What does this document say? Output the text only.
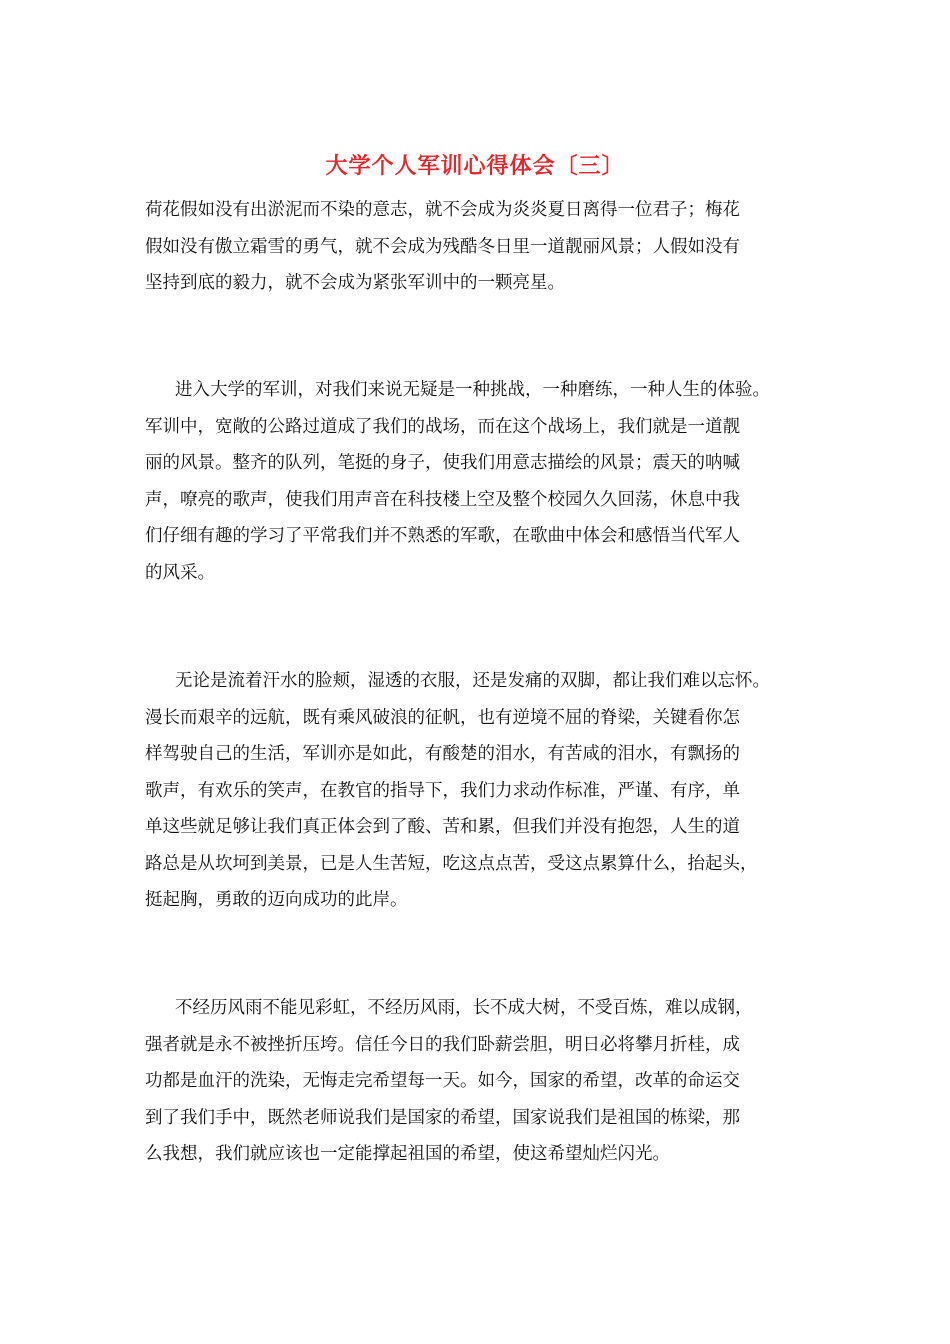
大学个人军训心得体会〔三〕
荷花假如没有出淤泥而不染的意志，就不会成为炎炎夏日离得一位君子；梅花
假如没有傲立霜雪的勇气，就不会成为残酷冬日里一道靓丽风景；人假如没有
坚持到底的毅力，就不会成为紧张军训中的一颗亮星。
进入大学的军训，对我们来说无疑是一种挑战，一种磨练，一种人生的体验。
军训中，宽敞的公路过道成了我们的战场，而在这个战场上，我们就是一道靓
丽的风景。整齐的队列，笔挺的身子，使我们用意志描绘的风景；震天的呐喊
声，嘹亮的歌声，使我们用声音在科技楼上空及整个校园久久回荡，休息中我
们仔细有趣的学习了平常我们并不熟悉的军歌，在歌曲中体会和感悟当代军人
的风采。
无论是流着汗水的脸颊，湿透的衣服，还是发痛的双脚，都让我们难以忘怀。
漫长而艰辛的远航，既有乘风破浪的征帆，也有逆境不屈的脊梁，关键看你怎
样驾驶自己的生活，军训亦是如此，有酸楚的泪水，有苦咸的泪水，有飘扬的
歌声，有欢乐的笑声，在教官的指导下，我们力求动作标准，严谨、有序，单
单这些就足够让我们真正体会到了酸、苦和累，但我们并没有抱怨，人生的道
路总是从坎坷到美景，已是人生苦短，吃这点点苦，受这点累算什么，抬起头，
挺起胸，勇敢的迈向成功的此岸。
不经历风雨不能见彩虹，不经历风雨，长不成大树，不受百炼，难以成钢，
强者就是永不被挫折压垮。信任今日的我们卧薪尝胆，明日必将攀月折桂，成
功都是血汗的洗染，无悔走完希望每一天。如今，国家的希望，改革的命运交
到了我们手中，既然老师说我们是国家的希望，国家说我们是祖国的栋梁，那
么我想，我们就应该也一定能撑起祖国的希望，使这希望灿烂闪光。
